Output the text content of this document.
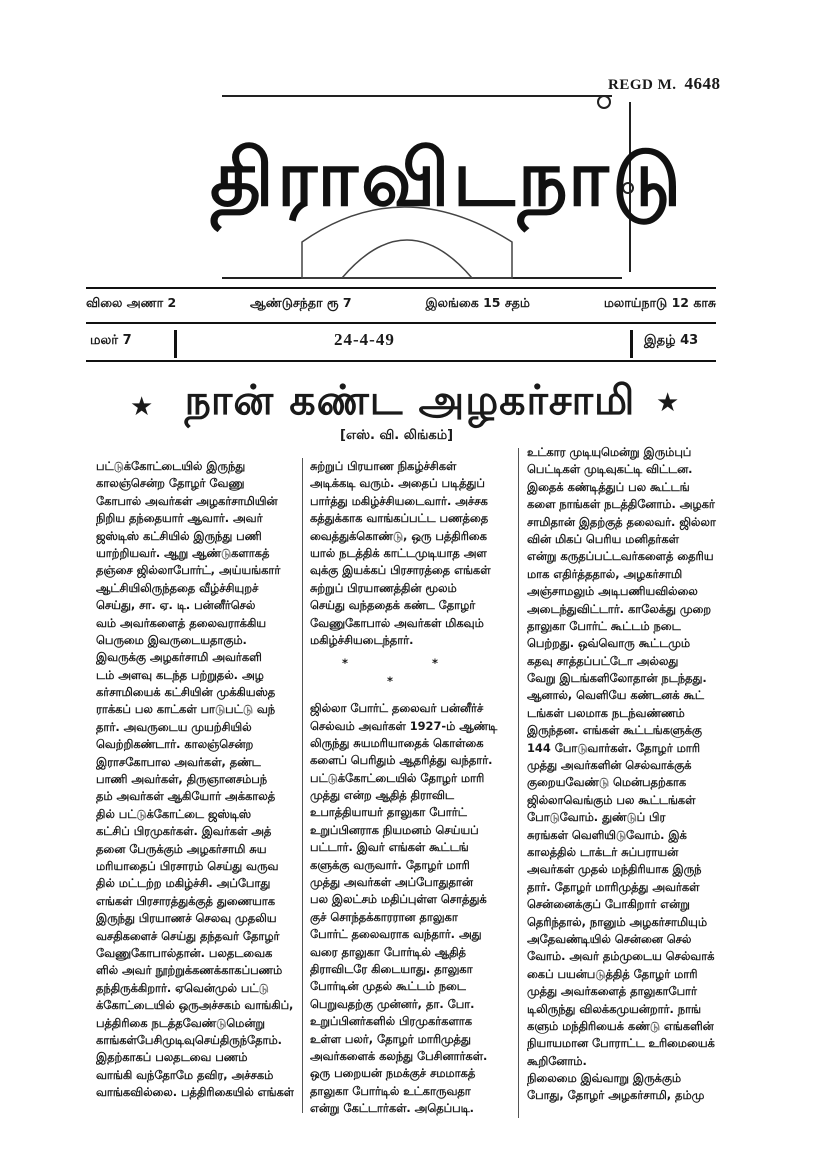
REGD M. 4648
திராவிடநாடு
விலை அணா 2	ஆண்டுசந்தா ரூ 7	இலங்கை 15 சதம்	மலாய்நாடு 12 காசு
மலர் 7	24-4-49	இதழ் 43
★ நான் கண்ட அழகர்சாமி ★
[எஸ். வி. லிங்கம்]
பட்டுக்கோட்டையில் இருந்து
காலஞ்சென்ற தோழர் வேணு
கோபால் அவர்கள் அழகர்சாமியின்
நிறிய தந்தையார் ஆவார். அவர்
ஜஸ்டிஸ் கட்சியில் இருந்து பணி
யாற்றியவர். ஆறு ஆண்டுகளாகத்
தஞ்சை ஜில்லாபோர்ட், அய்யங்கார்
ஆட்சியிலிருந்ததை வீழ்ச்சியுறச்
செய்து, சா. ஏ. டி. பன்னீர்செல்
வம் அவர்களைத் தலைவராக்கிய
பெருமை இவருடையதாகும்.
இவருக்கு அழகர்சாமி அவர்களி
டம் அளவு கடந்த பற்றுதல். அழ
கர்சாமியைக் கட்சியின் முக்கியஸ்த
ராக்கப் பல காட்கள் பாடுபட்டு வந்
தார். அவருடைய முயற்சியில்
வெற்றிகண்டார். காலஞ்சென்ற
இராசகோபால அவர்கள், தண்ட
பாணி அவர்கள், திருஞானசம்பந்
தம் அவர்கள் ஆகியோர் அக்காலத்
தில் பட்டுக்கோட்டை ஜஸ்டிஸ்
கட்சிப் பிரமுகர்கள். இவர்கள் அத்
தனை பேருக்கும் அழகர்சாமி சுய
மரியாதைப் பிரசாரம் செய்து வருவ
தில் மட்டற்ற மகிழ்ச்சி. அப்போது
எங்கள் பிரசாரத்துக்குத் துணையாக
இருந்து பிரயாணச் செலவு முதலிய
வசதிகளைச் செய்து தந்தவர் தோழர்
வேணுகோபால்தான். பலதடவைக
ளில் அவர் நூற்றுக்கணக்காகப்பணம்
தந்திருக்கிறார். ஏவென்முல் பட்டு
க்கோட்டையில் ஒருஅச்சகம் வாங்கிப்,
பத்திரிகை நடத்தவேண்டுமென்று
காங்கள்பேசிமுடிவுசெய்திருந்தோம்.
இதற்காகப் பலதடவை பணம்
வாங்கி வந்தோமே தவிர, அச்சகம்
வாங்கவில்லை. பத்திரிகையில் எங்கள்
சுற்றுப் பிரயாண நிகழ்ச்சிகள்
அடிக்கடி வரும். அதைப் படித்துப்
பார்த்து மகிழ்ச்சியடைவார். அச்சக
கத்துக்காக வாங்கப்பட்ட பணத்தை
வைத்துக்கொண்டு, ஒரு பத்திரிகை
யால் நடத்திக் காட்டமுடியாத அள
வுக்கு இயக்கப் பிரசாரத்தை எங்கள்
சுற்றுப் பிரயாணத்தின் மூலம்
செய்து வந்ததைக் கண்ட தோழர்
வேணுகோபால் அவர்கள் மிகவும்
மகிழ்ச்சியடைந்தார்.
* * *
ஜில்லா போர்ட் தலைவர் பன்னீர்ச்
செல்வம் அவர்கள் 1927-ம் ஆண்டி
லிருந்து சுயமரியாதைக் கொள்கை
களைப் பெரிதும் ஆதரித்து வந்தார்.
பட்டுக்கோட்டையில் தோழர் மாரி
முத்து என்ற ஆதித் திராவிட
உபாத்தியாயர் தாலுகா போர்ட்
உறுப்பினராக நியமனம் செய்யப்
பட்டார். இவர் எங்கள் கூட்டங்
களுக்கு வருவார். தோழர் மாரி
முத்து அவர்கள் அப்போதுதான்
பல இலட்சம் மதிப்புள்ள சொத்துக்
குச் சொந்தக்காரரான தாலுகா
போர்ட் தலைவராக வந்தார். அது
வரை தாலுகா போர்டில் ஆதித்
திராவிடரே கிடையாது. தாலுகா
போர்டின் முதல் கூட்டம் நடை
பெறுவதற்கு முன்னர், தா. போ.
உறுப்பினர்களில் பிரமுகர்களாக
உள்ள பலர், தோழர் மாரிமுத்து
அவர்களைக் கலந்து பேசினார்கள்.
ஒரு பறையன் நமக்குச் சமமாகத்
தாலுகா போர்டில் உட்காருவதா
என்று கேட்டார்கள். அதெப்படி.
உட்கார முடியுமென்று இரும்புப்
பெட்டிகள் முடிவுகட்டி விட்டன.
இதைக் கண்டித்துப் பல கூட்டங்
களை நாங்கள் நடத்தினோம். அழகர்
சாமிதான் இதற்குத் தலைவர். ஜில்லா
வின் மிகப் பெரிய மனிதர்கள்
என்று கருதப்பட்டவர்களைத் தைரிய
மாக எதிர்த்ததால், அழகர்சாமி
அஞ்சாமலும் அடிபணியவில்லை
அடைந்துவிட்டார். காலேக்து முறை
தாலுகா போர்ட் கூட்டம் நடை
பெற்றது. ஒவ்வொரு கூட்டமும்
கதவு சாத்தப்பட்டோ அல்லது
வேறு இடங்களிலோதான் நடந்தது.
ஆனால், வெளியே கண்டனக் கூட்
டங்கள் பலமாக நடந்வண்ணம்
இருந்தன. எங்கள் கூட்டங்களுக்கு
144 போடுவார்கள். தோழர் மாரி
முத்து அவர்களின் செல்வாக்குக்
குறையவேண்டு மென்பதற்காக
ஜில்லாவெங்கும் பல கூட்டங்கள்
போடுவோம். துண்டுப் பிர
சுரங்கள் வெளியிடுவோம். இக்
காலத்தில் டாக்டர் சுப்பராயன்
அவர்கள் முதல் மந்திரியாக இருந்
தார். தோழர் மாரிமுத்து அவர்கள்
சென்னைக்குப் போகிறார் என்று
தெரிந்தால், நானும் அழகர்சாமியும்
அதேவண்டியில் சென்னை செல்
வோம். அவர் தம்முடைய செல்வாக்
கைப் பயன்படுத்தித் தோழர் மாரி
முத்து அவர்களைத் தாலுகாபோர்
டிலிருந்து விலக்கமுயன்றார். நாங்
களும் மந்திரியைக் கண்டு எங்களின்
நியாயமான போராட்ட உரிமையைக்
கூறினோம்.
நிலைமை இவ்வாறு இருக்கும்
போது, தோழர் அழகர்சாமி, தம்மு
